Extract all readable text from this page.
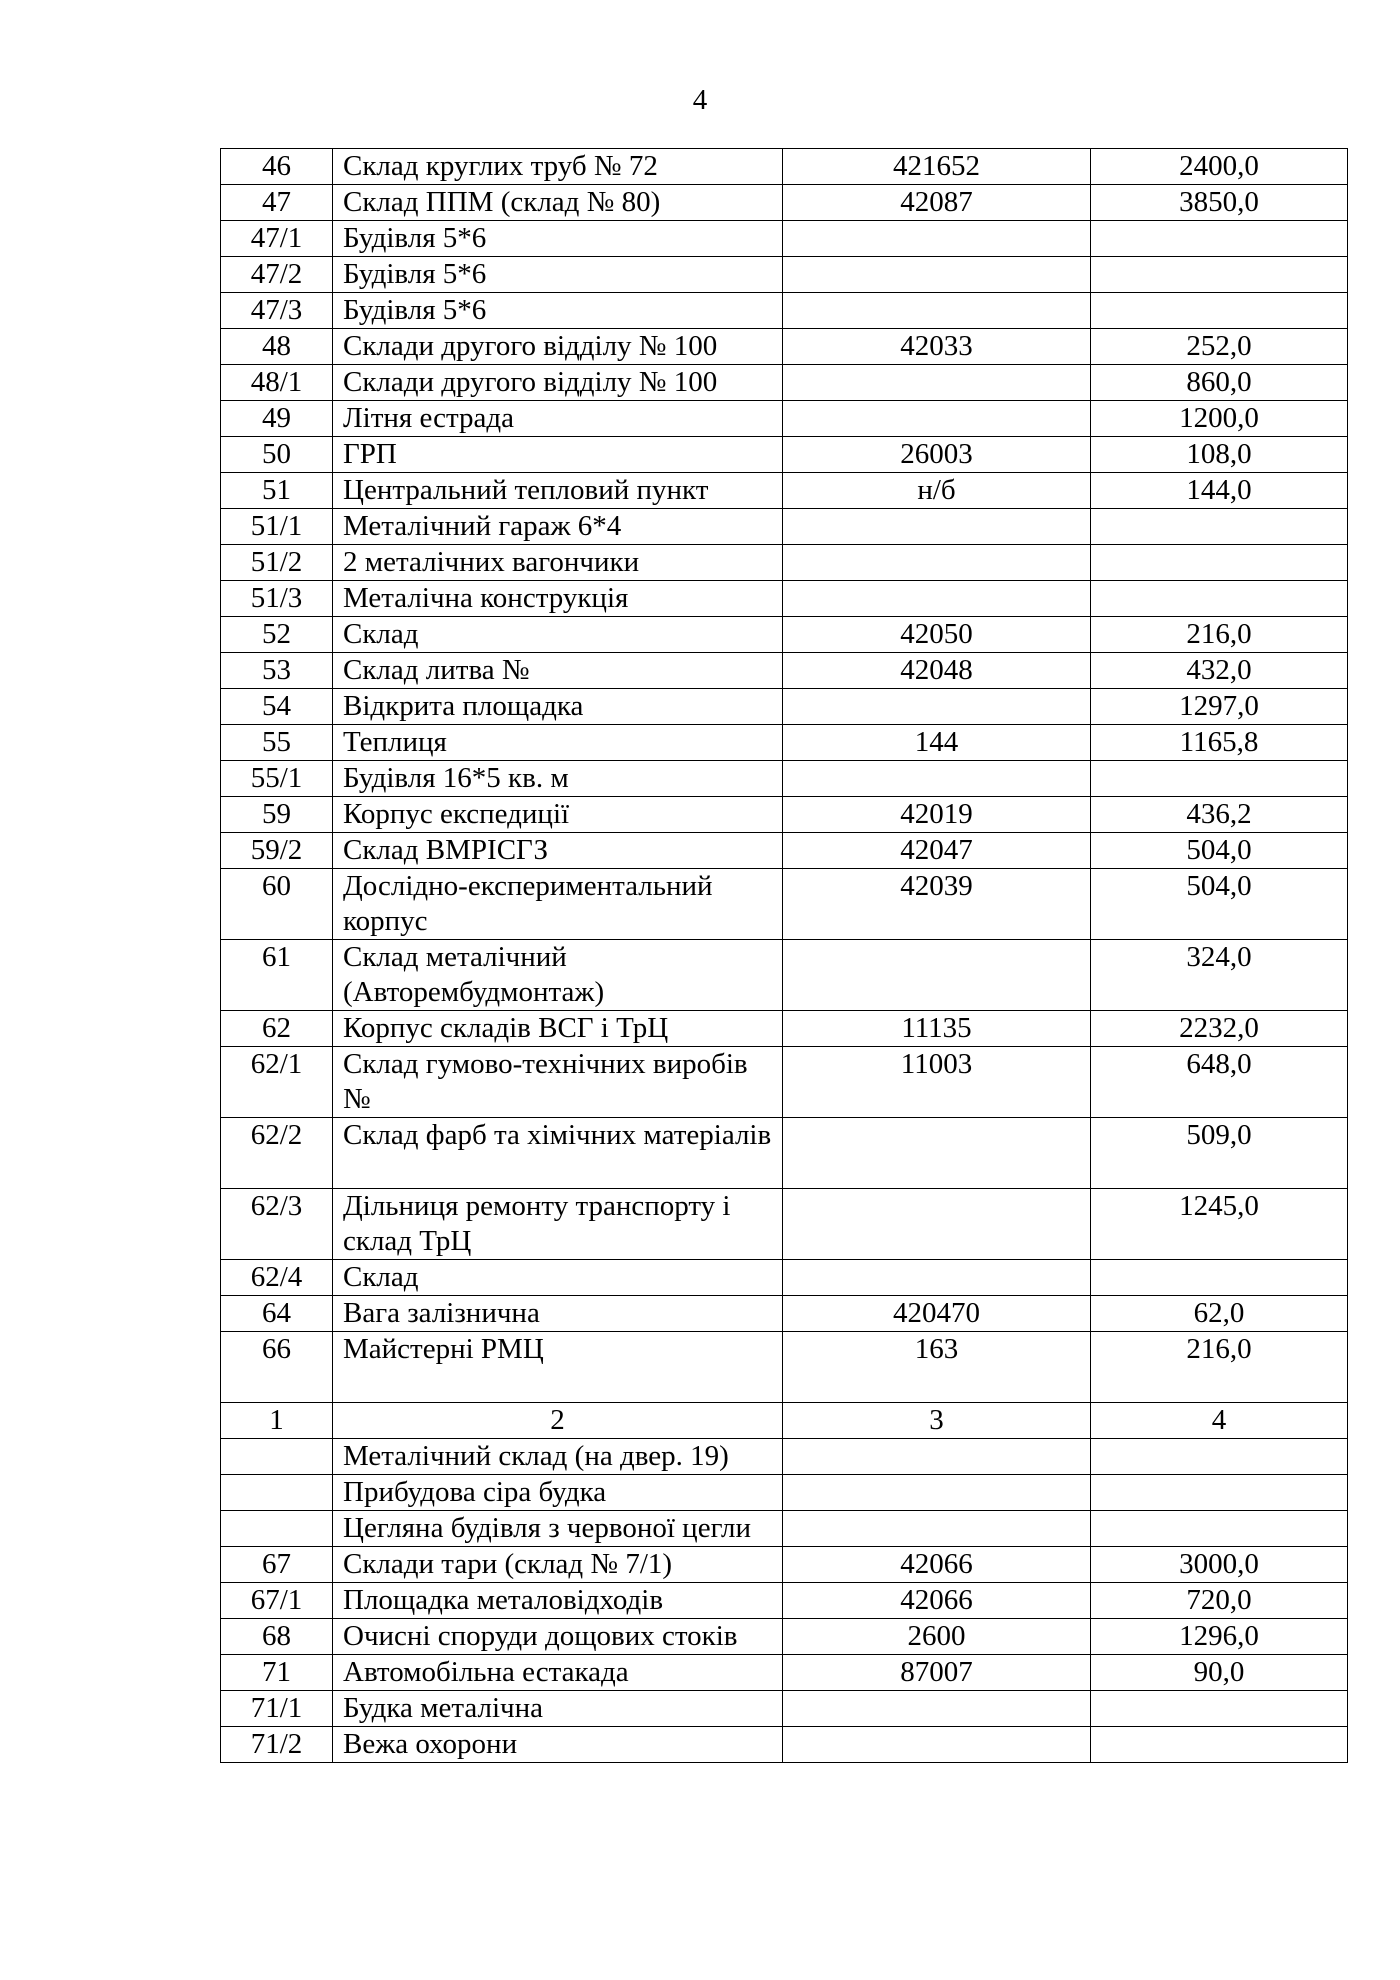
4
46	Склад круглих труб № 72	421652	2400,0
47	Склад ППМ (склад № 80)	42087	3850,0
47/1	Будівля 5*6		
47/2	Будівля 5*6		
47/3	Будівля 5*6		
48	Склади другого відділу № 100	42033	252,0
48/1	Склади другого відділу № 100		860,0
49	Літня естрада		1200,0
50	ГРП	26003	108,0
51	Центральний тепловий пункт	н/б	144,0
51/1	Металічний гараж 6*4		
51/2	2 металічних вагончики		
51/3	Металічна конструкція		
52	Склад	42050	216,0
53	Склад литва №	42048	432,0
54	Відкрита площадка		1297,0
55	Теплиця	144	1165,8
55/1	Будівля 16*5 кв. м		
59	Корпус експедиції	42019	436,2
59/2	Склад ВМРІСГЗ	42047	504,0
60	Дослідно-експериментальний корпус	42039	504,0
61	Склад металічний (Авторембудмонтаж)		324,0
62	Корпус складів ВСГ і ТрЦ	11135	2232,0
62/1	Склад гумово-технічних виробів №	11003	648,0
62/2	Склад фарб та хімічних матеріалів		509,0
62/3	Дільниця ремонту транспорту і склад ТрЦ		1245,0
62/4	Склад		
64	Вага залізнична	420470	62,0
66	Майстерні РМЦ	163	216,0
1	2	3	4
	Металічний склад (на двер. 19)		
	Прибудова сіра будка		
	Цегляна будівля з червоної цегли		
67	Склади тари (склад № 7/1)	42066	3000,0
67/1	Площадка металовідходів	42066	720,0
68	Очисні споруди дощових стоків	2600	1296,0
71	Автомобільна естакада	87007	90,0
71/1	Будка металічна		
71/2	Вежа охорони		
